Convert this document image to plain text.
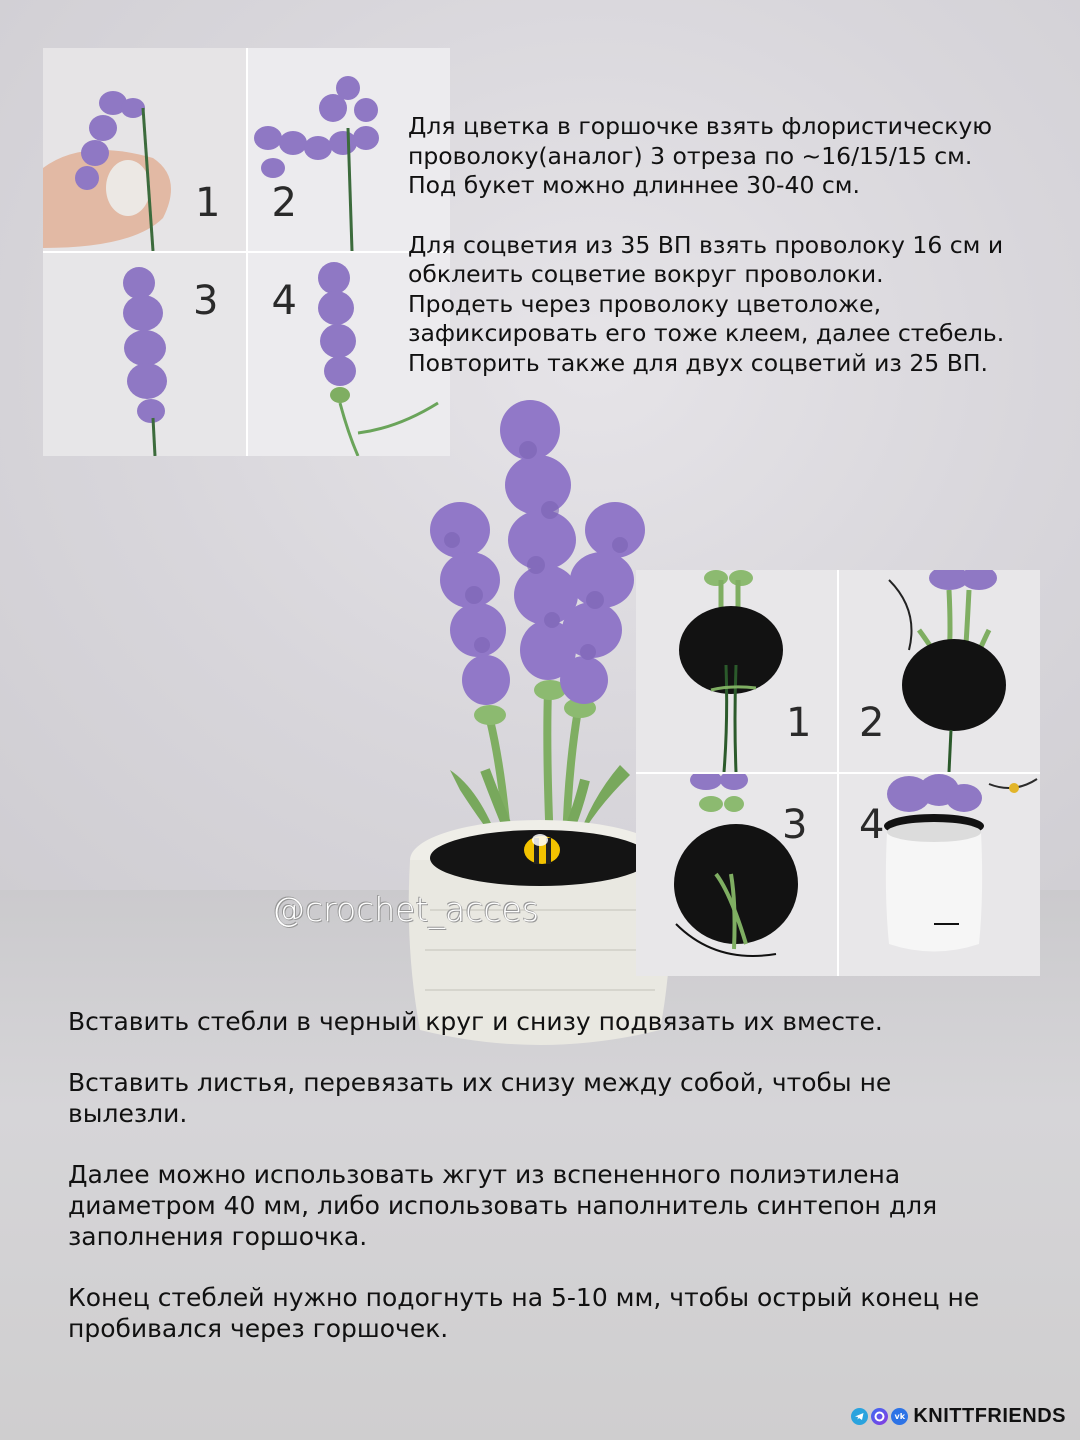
1 2
3 4

Для цветка в горшочке взять флористическую

проволоку(аналог) 3 отреза по ~16/15/15 см.

Под букет можно длиннее 30-40 см.

Для соцветия из 35 ВП взять проволоку 16 см и

обклеить соцветие вокруг проволоки.

Продеть через проволоку цветоложе,

зафиксировать его тоже клеем, далее стебель.

Повторить также для двух соцветий из 25 ВП.

1 2
3 4
@crochet_acces

Вставить стебли в черный круг и снизу подвязать их вместе.

Вставить листья, перевязать их снизу между собой, чтобы не

вылезли.

Далее можно использовать жгут из вспененного полиэтилена

диаметром 40 мм, либо использовать наполнитель синтепон для

заполнения горшочка.

Конец стеблей нужно подогнуть на 5-10 мм, чтобы острый конец не

пробивался через горшочек.

vk KNITTFRIENDS
